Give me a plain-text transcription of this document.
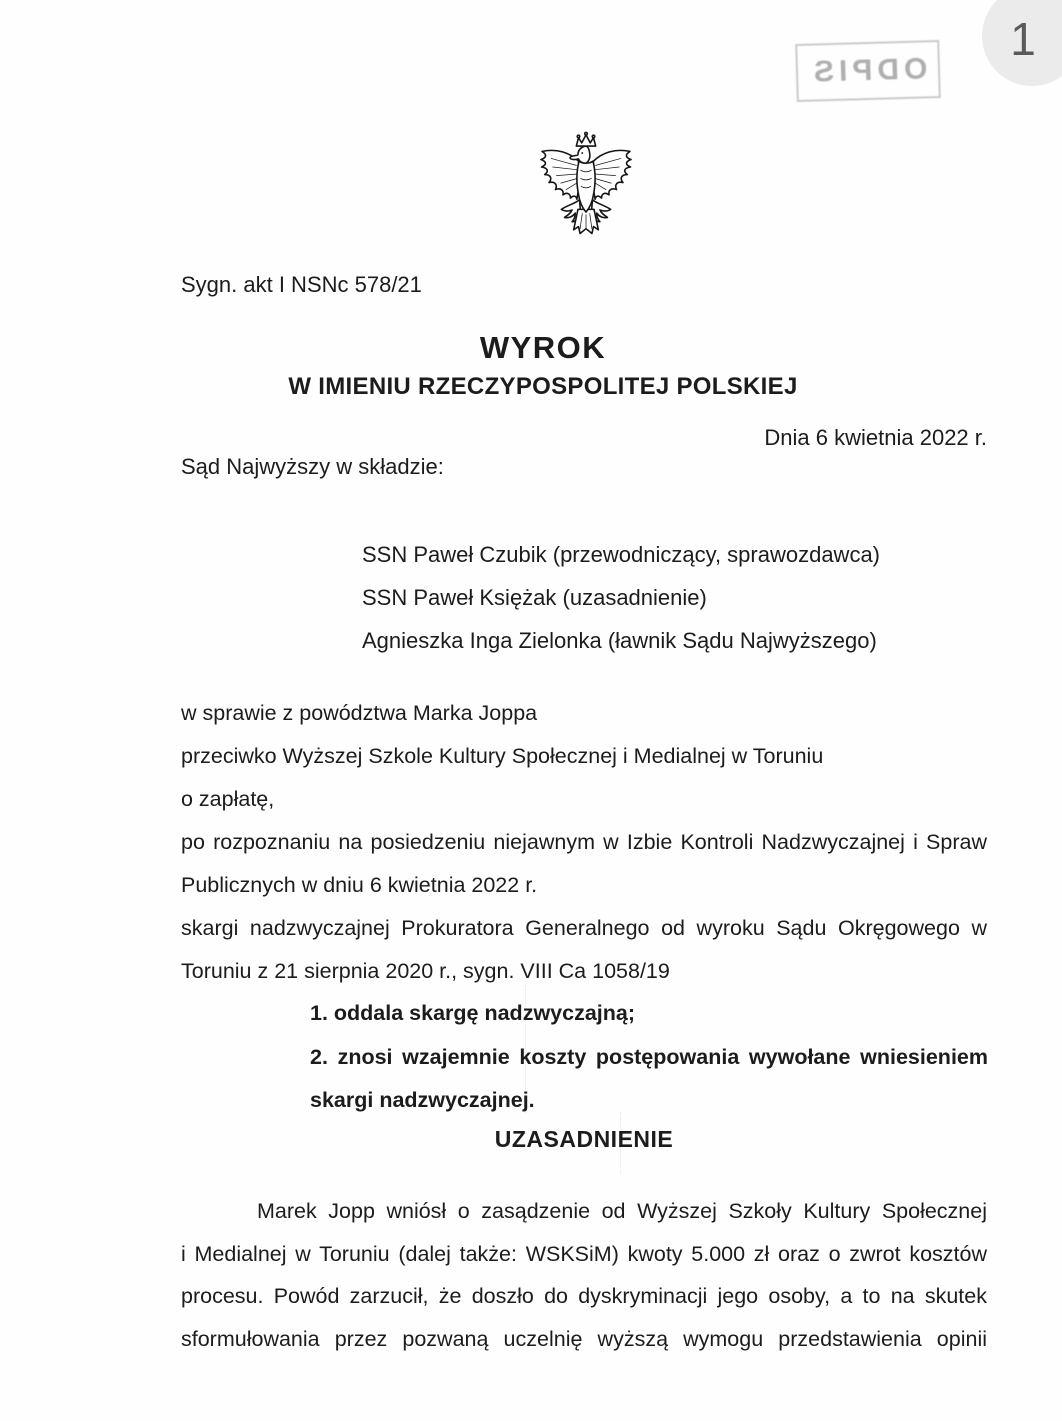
ODPIS
1
Sygn. akt I NSNc 578/21
WYROK
W IMIENIU RZECZYPOSPOLITEJ POLSKIEJ
Dnia 6 kwietnia 2022 r.
Sąd Najwyższy w składzie:
SSN Paweł Czubik (przewodniczący, sprawozdawca)
SSN Paweł Księżak (uzasadnienie)
Agnieszka Inga Zielonka (ławnik Sądu Najwyższego)
w sprawie z powództwa Marka Joppa
przeciwko Wyższej Szkole Kultury Społecznej i Medialnej w Toruniu
o zapłatę,
po rozpoznaniu na posiedzeniu niejawnym w Izbie Kontroli Nadzwyczajnej i Spraw
Publicznych w dniu 6 kwietnia 2022 r.
skargi nadzwyczajnej Prokuratora Generalnego od wyroku Sądu Okręgowego w
Toruniu z 21 sierpnia 2020 r., sygn. VIII Ca 1058/19
1. oddala skargę nadzwyczajną;
2. znosi wzajemnie koszty postępowania wywołane wniesieniem
skargi nadzwyczajnej.
UZASADNIENIE
Marek Jopp wniósł o zasądzenie od Wyższej Szkoły Kultury Społecznej
i Medialnej w Toruniu (dalej także: WSKSiM) kwoty 5.000 zł oraz o zwrot kosztów
procesu. Powód zarzucił, że doszło do dyskryminacji jego osoby, a to na skutek
sformułowania przez pozwaną uczelnię wyższą wymogu przedstawienia opinii
